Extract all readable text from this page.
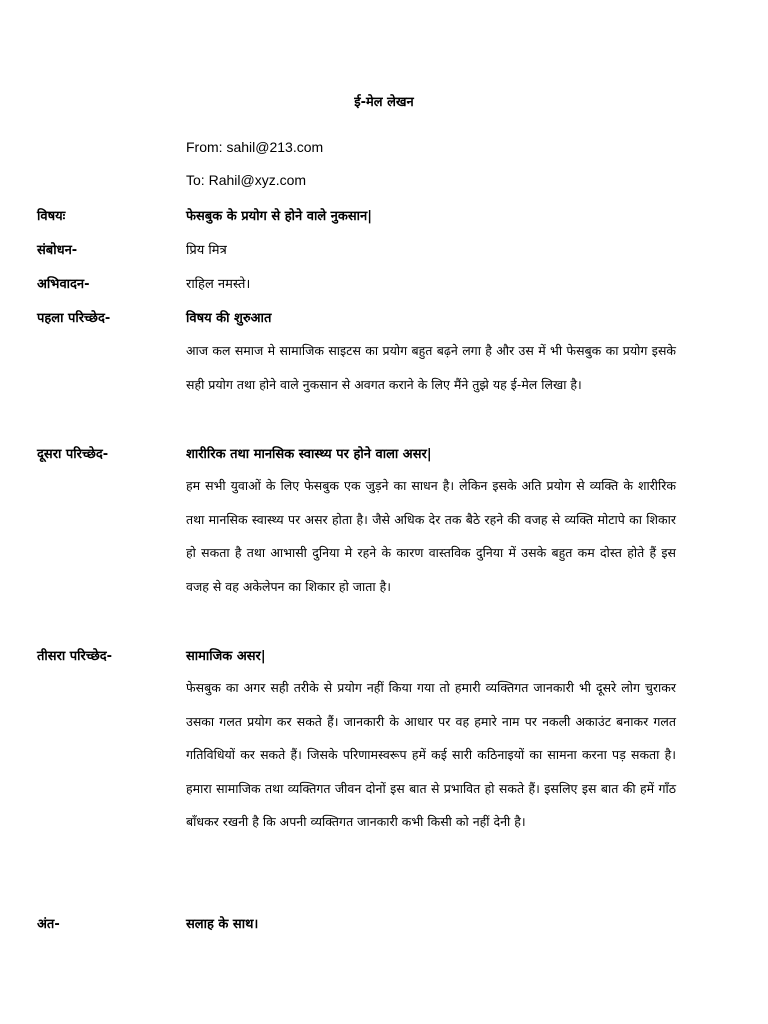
ई-मेल लेखन
From: sahil@213.com
To: Rahil@xyz.com
विषयः	फेसबुक के प्रयोग से होने वाले नुकसान|
संबोधन-	प्रिय मित्र
अभिवादन-	राहिल नमस्ते।
पहला परिच्छेद-	विषय की शुरुआत
आज कल समाज मे सामाजिक साइटस का प्रयोग बहुत बढ़ने लगा है और उस में भी फेसबुक का प्रयोग इसके सही प्रयोग तथा होने वाले नुकसान से अवगत कराने के लिए मैंने तुझे यह ई-मेल लिखा है।
दूसरा परिच्छेद-	शारीरिक तथा मानसिक स्वास्थ्य पर होने वाला असर|
हम सभी युवाओं के लिए फेसबुक एक जुड़ने का साधन है। लेकिन इसके अति प्रयोग से व्यक्ति के शारीरिक तथा मानसिक स्वास्थ्य पर असर होता है। जैसे अधिक देर तक बैठे रहने की वजह से व्यक्ति मोटापे का शिकार हो सकता है तथा आभासी दुनिया मे रहने के कारण वास्तविक दुनिया में उसके बहुत कम दोस्त होते हैं इस वजह से वह अकेलेपन का शिकार हो जाता है।
तीसरा परिच्छेद-	सामाजिक असर|
फेसबुक का अगर सही तरीके से प्रयोग नहीं किया गया तो हमारी व्यक्तिगत जानकारी भी दूसरे लोग चुराकर उसका गलत प्रयोग कर सकते हैं। जानकारी के आधार पर वह हमारे नाम पर नकली अकाउंट बनाकर गलत गतिविधियों कर सकते हैं। जिसके परिणामस्वरूप हमें कई सारी कठिनाइयों का सामना करना पड़ सकता है। हमारा सामाजिक तथा व्यक्तिगत जीवन दोनों इस बात से प्रभावित हो सकते हैं। इसलिए इस बात की हमें गाँठ बाँधकर रखनी है कि अपनी व्यक्तिगत जानकारी कभी किसी को नहीं देनी है।
अंत-	सलाह के साथ।
